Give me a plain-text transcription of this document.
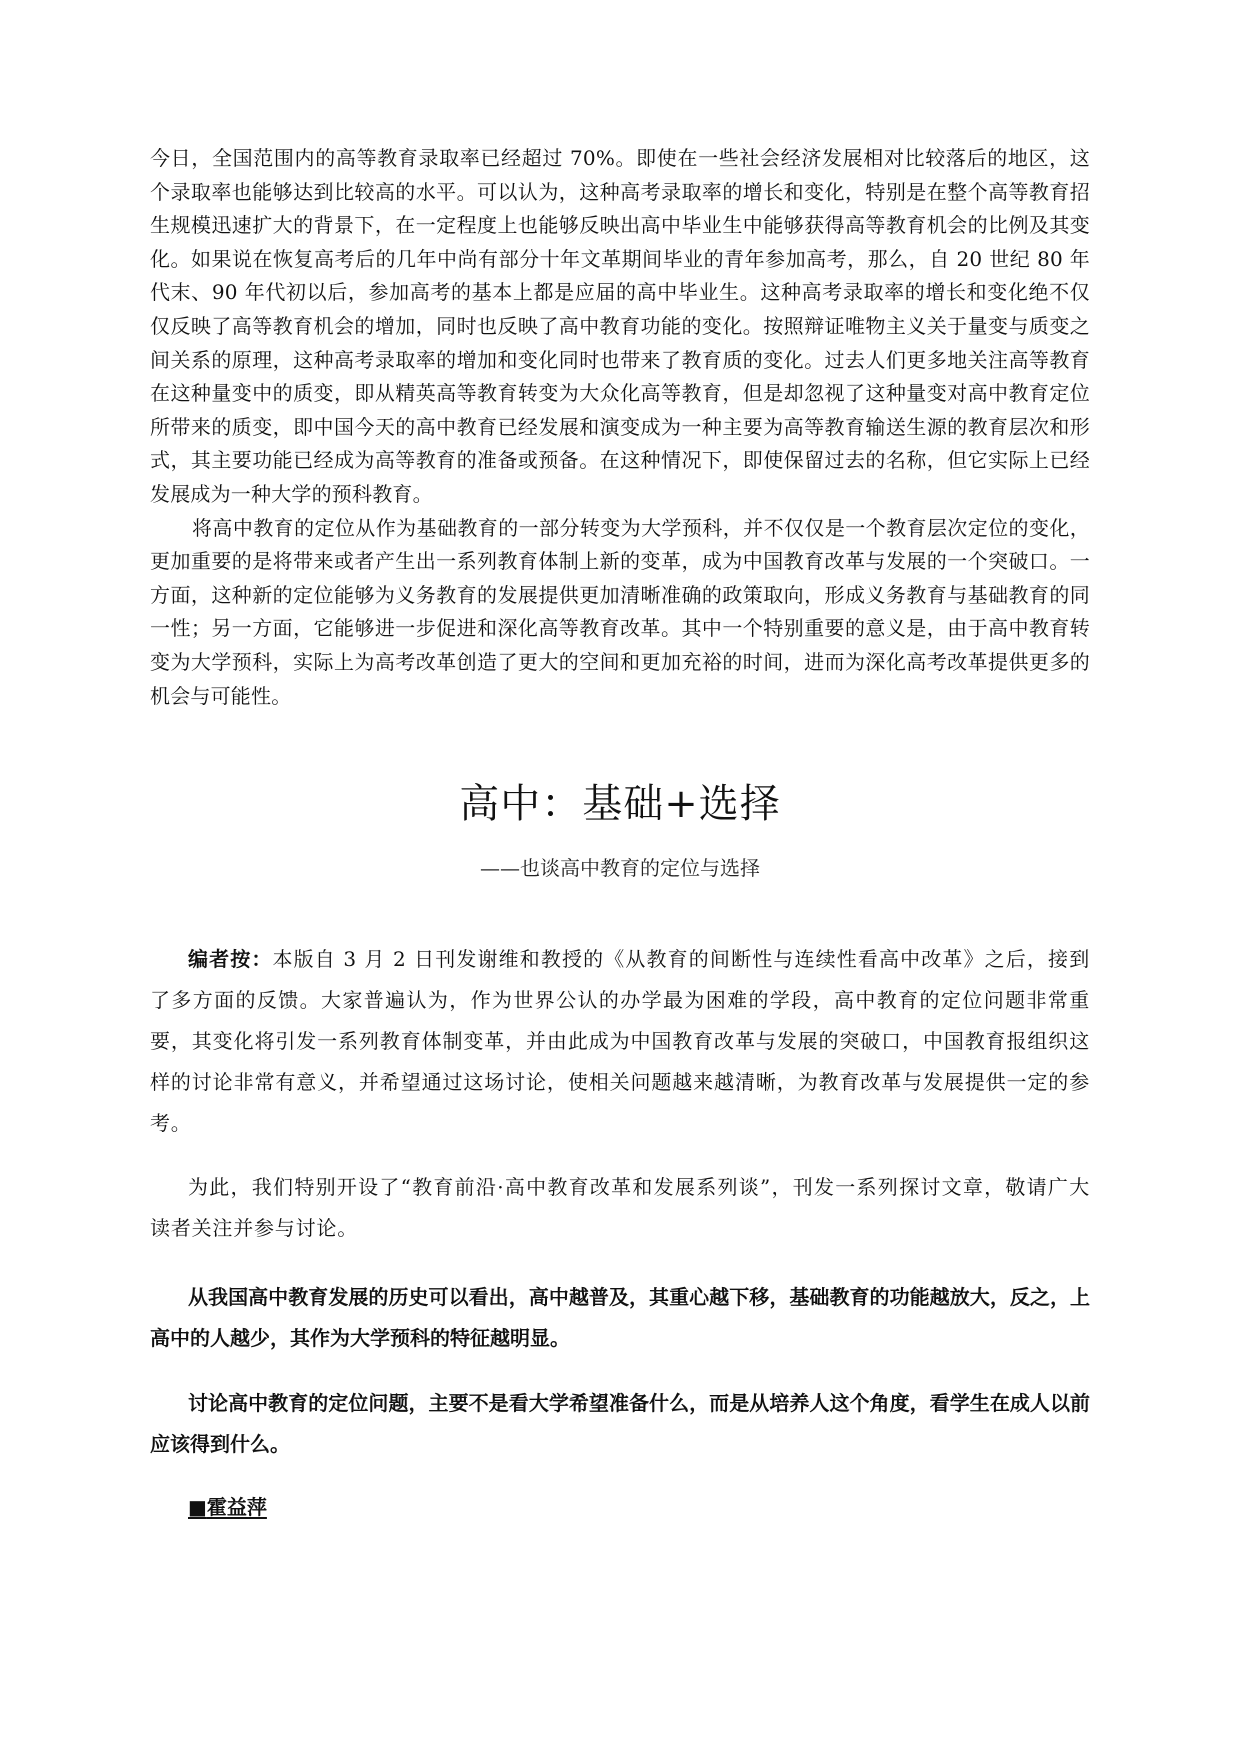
今日，全国范围内的高等教育录取率已经超过 70%。即使在一些社会经济发展相对比较落后的地区，这个录取率也能够达到比较高的水平。可以认为，这种高考录取率的增长和变化，特别是在整个高等教育招生规模迅速扩大的背景下，在一定程度上也能够反映出高中毕业生中能够获得高等教育机会的比例及其变化。如果说在恢复高考后的几年中尚有部分十年文革期间毕业的青年参加高考，那么，自 20 世纪 80 年代末、90 年代初以后，参加高考的基本上都是应届的高中毕业生。这种高考录取率的增长和变化绝不仅仅反映了高等教育机会的增加，同时也反映了高中教育功能的变化。按照辩证唯物主义关于量变与质变之间关系的原理，这种高考录取率的增加和变化同时也带来了教育质的变化。过去人们更多地关注高等教育在这种量变中的质变，即从精英高等教育转变为大众化高等教育，但是却忽视了这种量变对高中教育定位所带来的质变，即中国今天的高中教育已经发展和演变成为一种主要为高等教育输送生源的教育层次和形式，其主要功能已经成为高等教育的准备或预备。在这种情况下，即使保留过去的名称，但它实际上已经发展成为一种大学的预科教育。

将高中教育的定位从作为基础教育的一部分转变为大学预科，并不仅仅是一个教育层次定位的变化，更加重要的是将带来或者产生出一系列教育体制上新的变革，成为中国教育改革与发展的一个突破口。一方面，这种新的定位能够为义务教育的发展提供更加清晰准确的政策取向，形成义务教育与基础教育的同一性；另一方面，它能够进一步促进和深化高等教育改革。其中一个特别重要的意义是，由于高中教育转变为大学预科，实际上为高考改革创造了更大的空间和更加充裕的时间，进而为深化高考改革提供更多的机会与可能性。

高中：基础+选择
——也谈高中教育的定位与选择

编者按：本版自 3 月 2 日刊发谢维和教授的《从教育的间断性与连续性看高中改革》之后，接到了多方面的反馈。大家普遍认为，作为世界公认的办学最为困难的学段，高中教育的定位问题非常重要，其变化将引发一系列教育体制变革，并由此成为中国教育改革与发展的突破口，中国教育报组织这样的讨论非常有意义，并希望通过这场讨论，使相关问题越来越清晰，为教育改革与发展提供一定的参考。

为此，我们特别开设了“教育前沿·高中教育改革和发展系列谈”，刊发一系列探讨文章，敬请广大读者关注并参与讨论。

从我国高中教育发展的历史可以看出，高中越普及，其重心越下移，基础教育的功能越放大，反之，上高中的人越少，其作为大学预科的特征越明显。

讨论高中教育的定位问题，主要不是看大学希望准备什么，而是从培养人这个角度，看学生在成人以前应该得到什么。

■霍益萍
